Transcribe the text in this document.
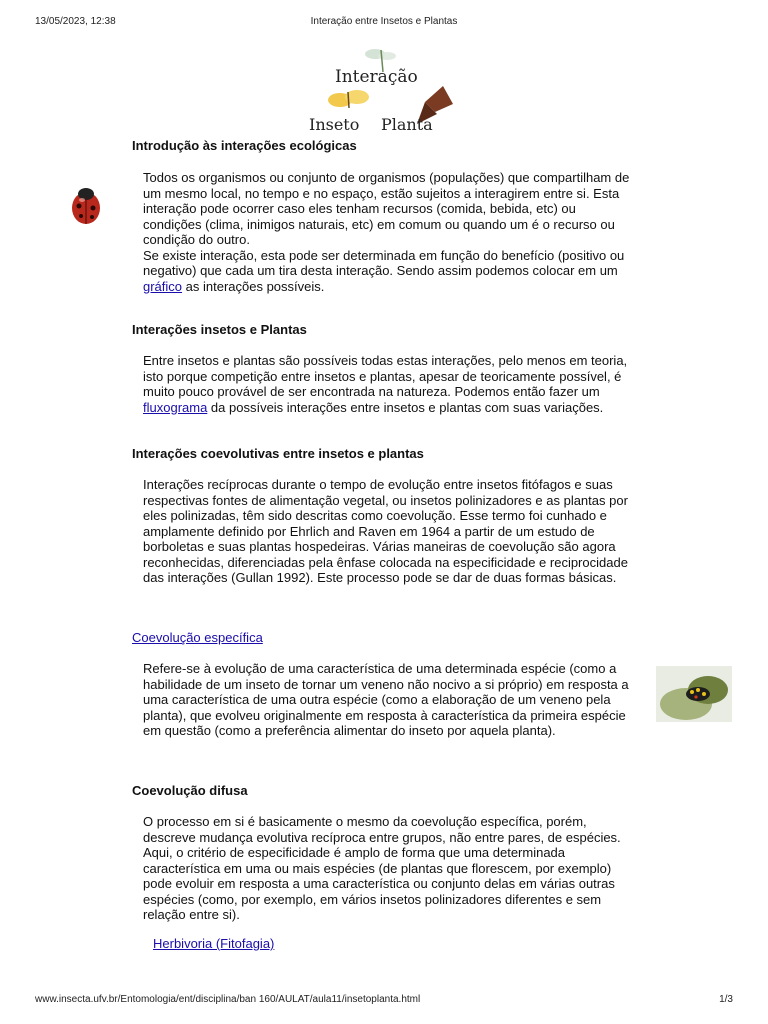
13/05/2023, 12:38	Interação entre Insetos e Plantas
Interação
Inseto Planta
Introdução às interações ecológicas

Todos os organismos ou conjunto de organismos (populações) que compartilham de um mesmo local, no tempo e no espaço, estão sujeitos a interagirem entre si. Esta interação pode ocorrer caso eles tenham recursos (comida, bebida, etc) ou condições (clima, inimigos naturais, etc) em comum ou quando um é o recurso ou condição do outro.

Se existe interação, esta pode ser determinada em função do benefício (positivo ou negativo) que cada um tira desta interação. Sendo assim podemos colocar em um gráfico as interações possíveis.

Interações insetos e Plantas

Entre insetos e plantas são possíveis todas estas interações, pelo menos em teoria, isto porque competição entre insetos e plantas, apesar de teoricamente possível, é muito pouco provável de ser encontrada na natureza. Podemos então fazer um fluxograma da possíveis interações entre insetos e plantas com suas variações.

Interações coevolutivas entre insetos e plantas

Interações recíprocas durante o tempo de evolução entre insetos fitófagos e suas respectivas fontes de alimentação vegetal, ou insetos polinizadores e as plantas por eles polinizadas, têm sido descritas como coevolução. Esse termo foi cunhado e amplamente definido por Ehrlich and Raven em 1964 a partir de um estudo de borboletas e suas plantas hospedeiras. Várias maneiras de coevolução são agora reconhecidas, diferenciadas pela ênfase colocada na especificidade e reciprocidade das interações (Gullan 1992). Este processo pode se dar de duas formas básicas.

Coevolução específica

Refere-se à evolução de uma característica de uma determinada espécie (como a habilidade de um inseto de tornar um veneno não nocivo a si próprio) em resposta a uma característica de uma outra espécie (como a elaboração de um veneno pela planta), que evolveu originalmente em resposta à característica da primeira espécie em questão (como a preferência alimentar do inseto por aquela planta).

Coevolução difusa

O processo em si é basicamente o mesmo da coevolução específica, porém, descreve mudança evolutiva recíproca entre grupos, não entre pares, de espécies. Aqui, o critério de especificidade é amplo de forma que uma determinada característica em uma ou mais espécies (de plantas que florescem, por exemplo) pode evoluir em resposta a uma característica ou conjunto delas em várias outras espécies (como, por exemplo, em vários insetos polinizadores diferentes e sem relação entre si).

Herbivoria (Fitofagia)
www.insecta.ufv.br/Entomologia/ent/disciplina/ban 160/AULAT/aula11/insetoplanta.html	1/3
